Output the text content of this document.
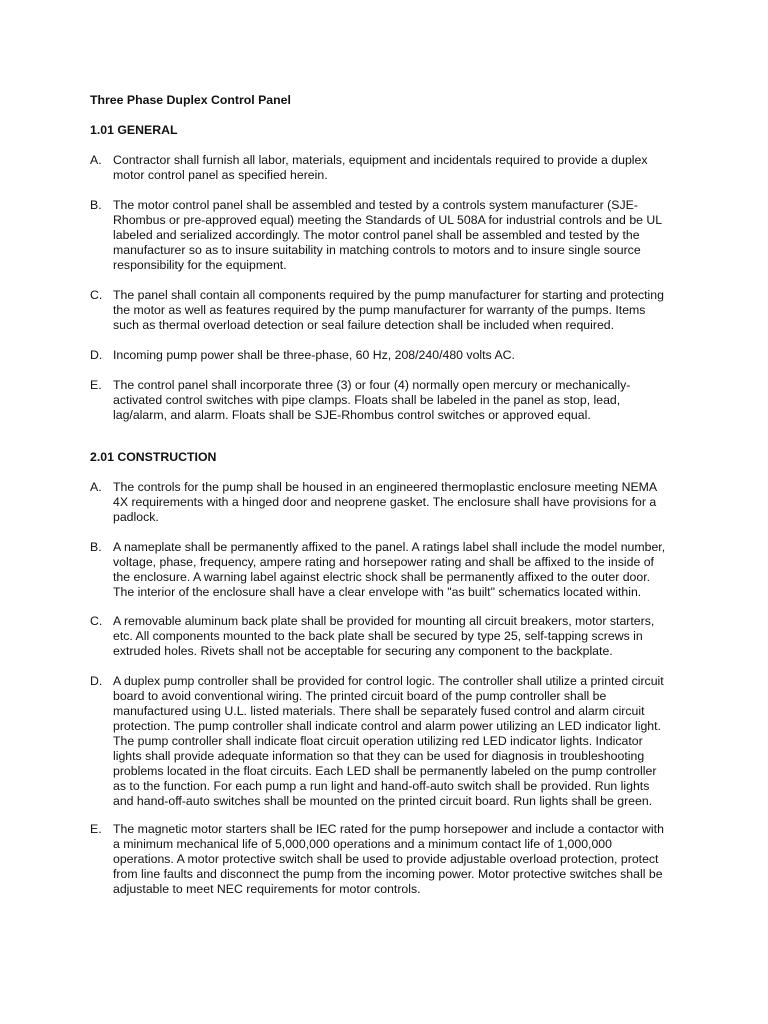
Three Phase Duplex Control Panel

1.01 GENERAL

A. Contractor shall furnish all labor, materials, equipment and incidentals required to provide a duplex
motor control panel as specified herein.
B. The motor control panel shall be assembled and tested by a controls system manufacturer (SJE-
Rhombus or pre-approved equal) meeting the Standards of UL 508A for industrial controls and be UL
labeled and serialized accordingly. The motor control panel shall be assembled and tested by the
manufacturer so as to insure suitability in matching controls to motors and to insure single source
responsibility for the equipment.
C. The panel shall contain all components required by the pump manufacturer for starting and protecting
the motor as well as features required by the pump manufacturer for warranty of the pumps. Items
such as thermal overload detection or seal failure detection shall be included when required.
D. Incoming pump power shall be three-phase, 60 Hz, 208/240/480 volts AC.
E. The control panel shall incorporate three (3) or four (4) normally open mercury or mechanically-
activated control switches with pipe clamps. Floats shall be labeled in the panel as stop, lead,
lag/alarm, and alarm. Floats shall be SJE-Rhombus control switches or approved equal.

2.01 CONSTRUCTION

A. The controls for the pump shall be housed in an engineered thermoplastic enclosure meeting NEMA
4X requirements with a hinged door and neoprene gasket. The enclosure shall have provisions for a
padlock.
B. A nameplate shall be permanently affixed to the panel. A ratings label shall include the model number,
voltage, phase, frequency, ampere rating and horsepower rating and shall be affixed to the inside of
the enclosure. A warning label against electric shock shall be permanently affixed to the outer door.
The interior of the enclosure shall have a clear envelope with "as built" schematics located within.
C. A removable aluminum back plate shall be provided for mounting all circuit breakers, motor starters,
etc. All components mounted to the back plate shall be secured by type 25, self-tapping screws in
extruded holes. Rivets shall not be acceptable for securing any component to the backplate.
D. A duplex pump controller shall be provided for control logic. The controller shall utilize a printed circuit
board to avoid conventional wiring. The printed circuit board of the pump controller shall be
manufactured using U.L. listed materials. There shall be separately fused control and alarm circuit
protection. The pump controller shall indicate control and alarm power utilizing an LED indicator light.
The pump controller shall indicate float circuit operation utilizing red LED indicator lights. Indicator
lights shall provide adequate information so that they can be used for diagnosis in troubleshooting
problems located in the float circuits. Each LED shall be permanently labeled on the pump controller
as to the function. For each pump a run light and hand-off-auto switch shall be provided. Run lights
and hand-off-auto switches shall be mounted on the printed circuit board. Run lights shall be green.
E. The magnetic motor starters shall be IEC rated for the pump horsepower and include a contactor with
a minimum mechanical life of 5,000,000 operations and a minimum contact life of 1,000,000
operations. A motor protective switch shall be used to provide adjustable overload protection, protect
from line faults and disconnect the pump from the incoming power. Motor protective switches shall be
adjustable to meet NEC requirements for motor controls.
